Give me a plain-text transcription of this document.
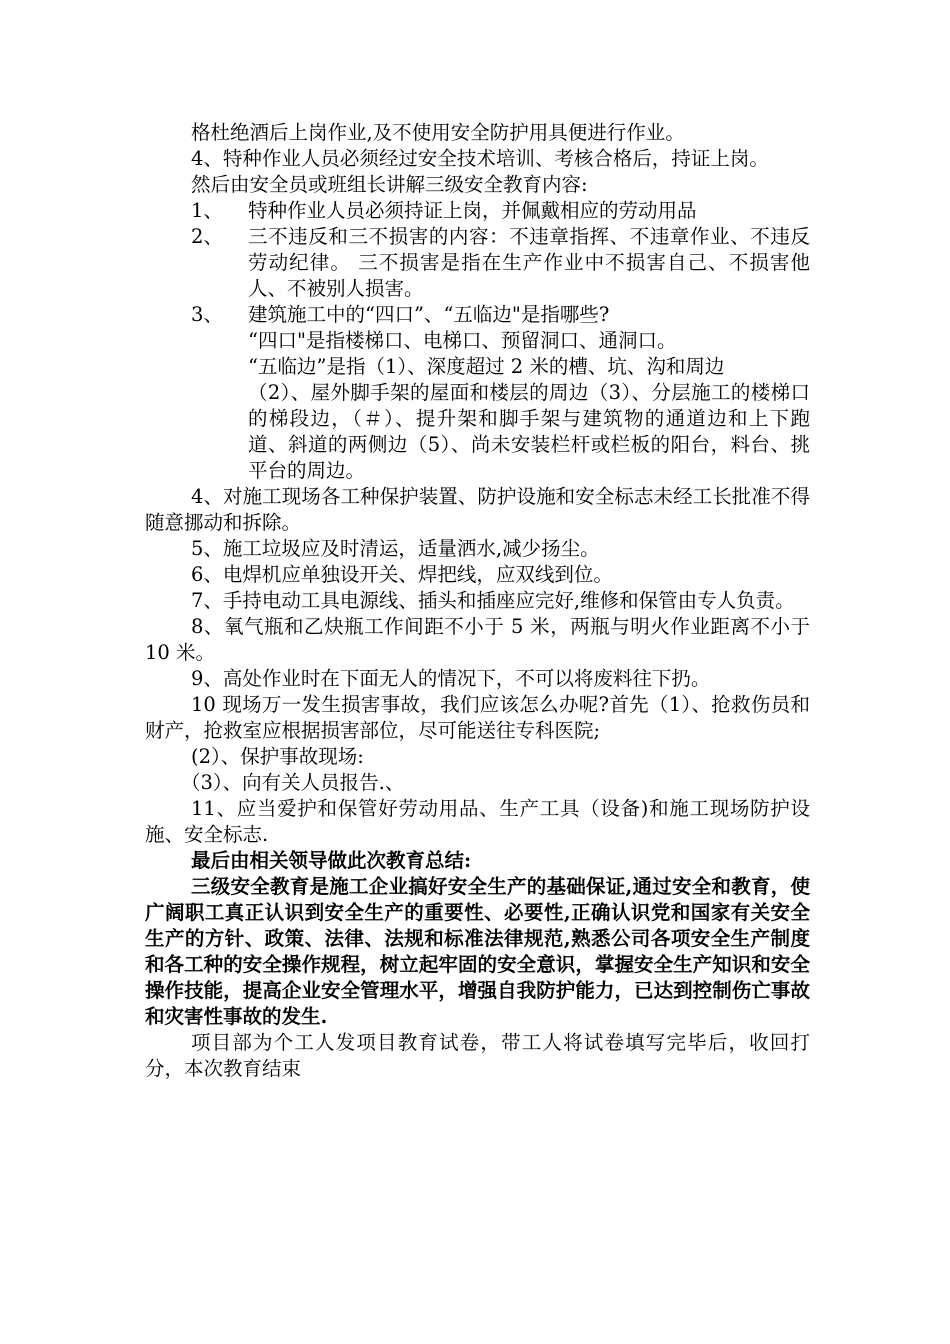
格杜绝酒后上岗作业,及不使用安全防护用具便进行作业。

4、特种作业人员必须经过安全技术培训、考核合格后，持证上岗。

然后由安全员或班组长讲解三级安全教育内容:

1、 特种作业人员必须持证上岗，并佩戴相应的劳动用品
2、 三不违反和三不损害的内容：不违章指挥、不违章作业、不违反劳动纪律。 三不损害是指在生产作业中不损害自己、不损害他人、不被别人损害。
3、 建筑施工中的“四口”、“五临边"是指哪些?

“四口"是指楼梯口、电梯口、预留洞口、通洞口。

“五临边”是指（1）、深度超过 2 米的槽、坑、沟和周边

（2）、屋外脚手架的屋面和楼层的周边（3）、分层施工的楼梯口的梯段边，（＃）、提升架和脚手架与建筑物的通道边和上下跑道、斜道的两侧边（5）、尚未安装栏杆或栏板的阳台，料台、挑平台的周边。

4、对施工现场各工种保护装置、防护设施和安全标志未经工长批准不得随意挪动和拆除。

5、施工垃圾应及时清运，适量洒水,减少扬尘。

6、电焊机应单独设开关、焊把线，应双线到位。

7、手持电动工具电源线、插头和插座应完好,维修和保管由专人负责。

8、氧气瓶和乙炔瓶工作间距不小于 5 米，两瓶与明火作业距离不小于 10 米。

9、高处作业时在下面无人的情况下，不可以将废料往下扔。

10 现场万一发生损害事故，我们应该怎么办呢?首先（1）、抢救伤员和财产，抢救室应根据损害部位，尽可能送往专科医院;

(2）、保护事故现场:

（3）、向有关人员报告.、

11、应当爱护和保管好劳动用品、生产工具（设备)和施工现场防护设施、安全标志.

最后由相关领导做此次教育总结:

三级安全教育是施工企业搞好安全生产的基础保证,通过安全和教育，使广阔职工真正认识到安全生产的重要性、必要性,正确认识党和国家有关安全生产的方针、政策、法律、法规和标准法律规范,熟悉公司各项安全生产制度和各工种的安全操作规程，树立起牢固的安全意识，掌握安全生产知识和安全操作技能，提高企业安全管理水平，增强自我防护能力，已达到控制伤亡事故和灾害性事故的发生.

项目部为个工人发项目教育试卷，带工人将试卷填写完毕后，收回打分，本次教育结束
